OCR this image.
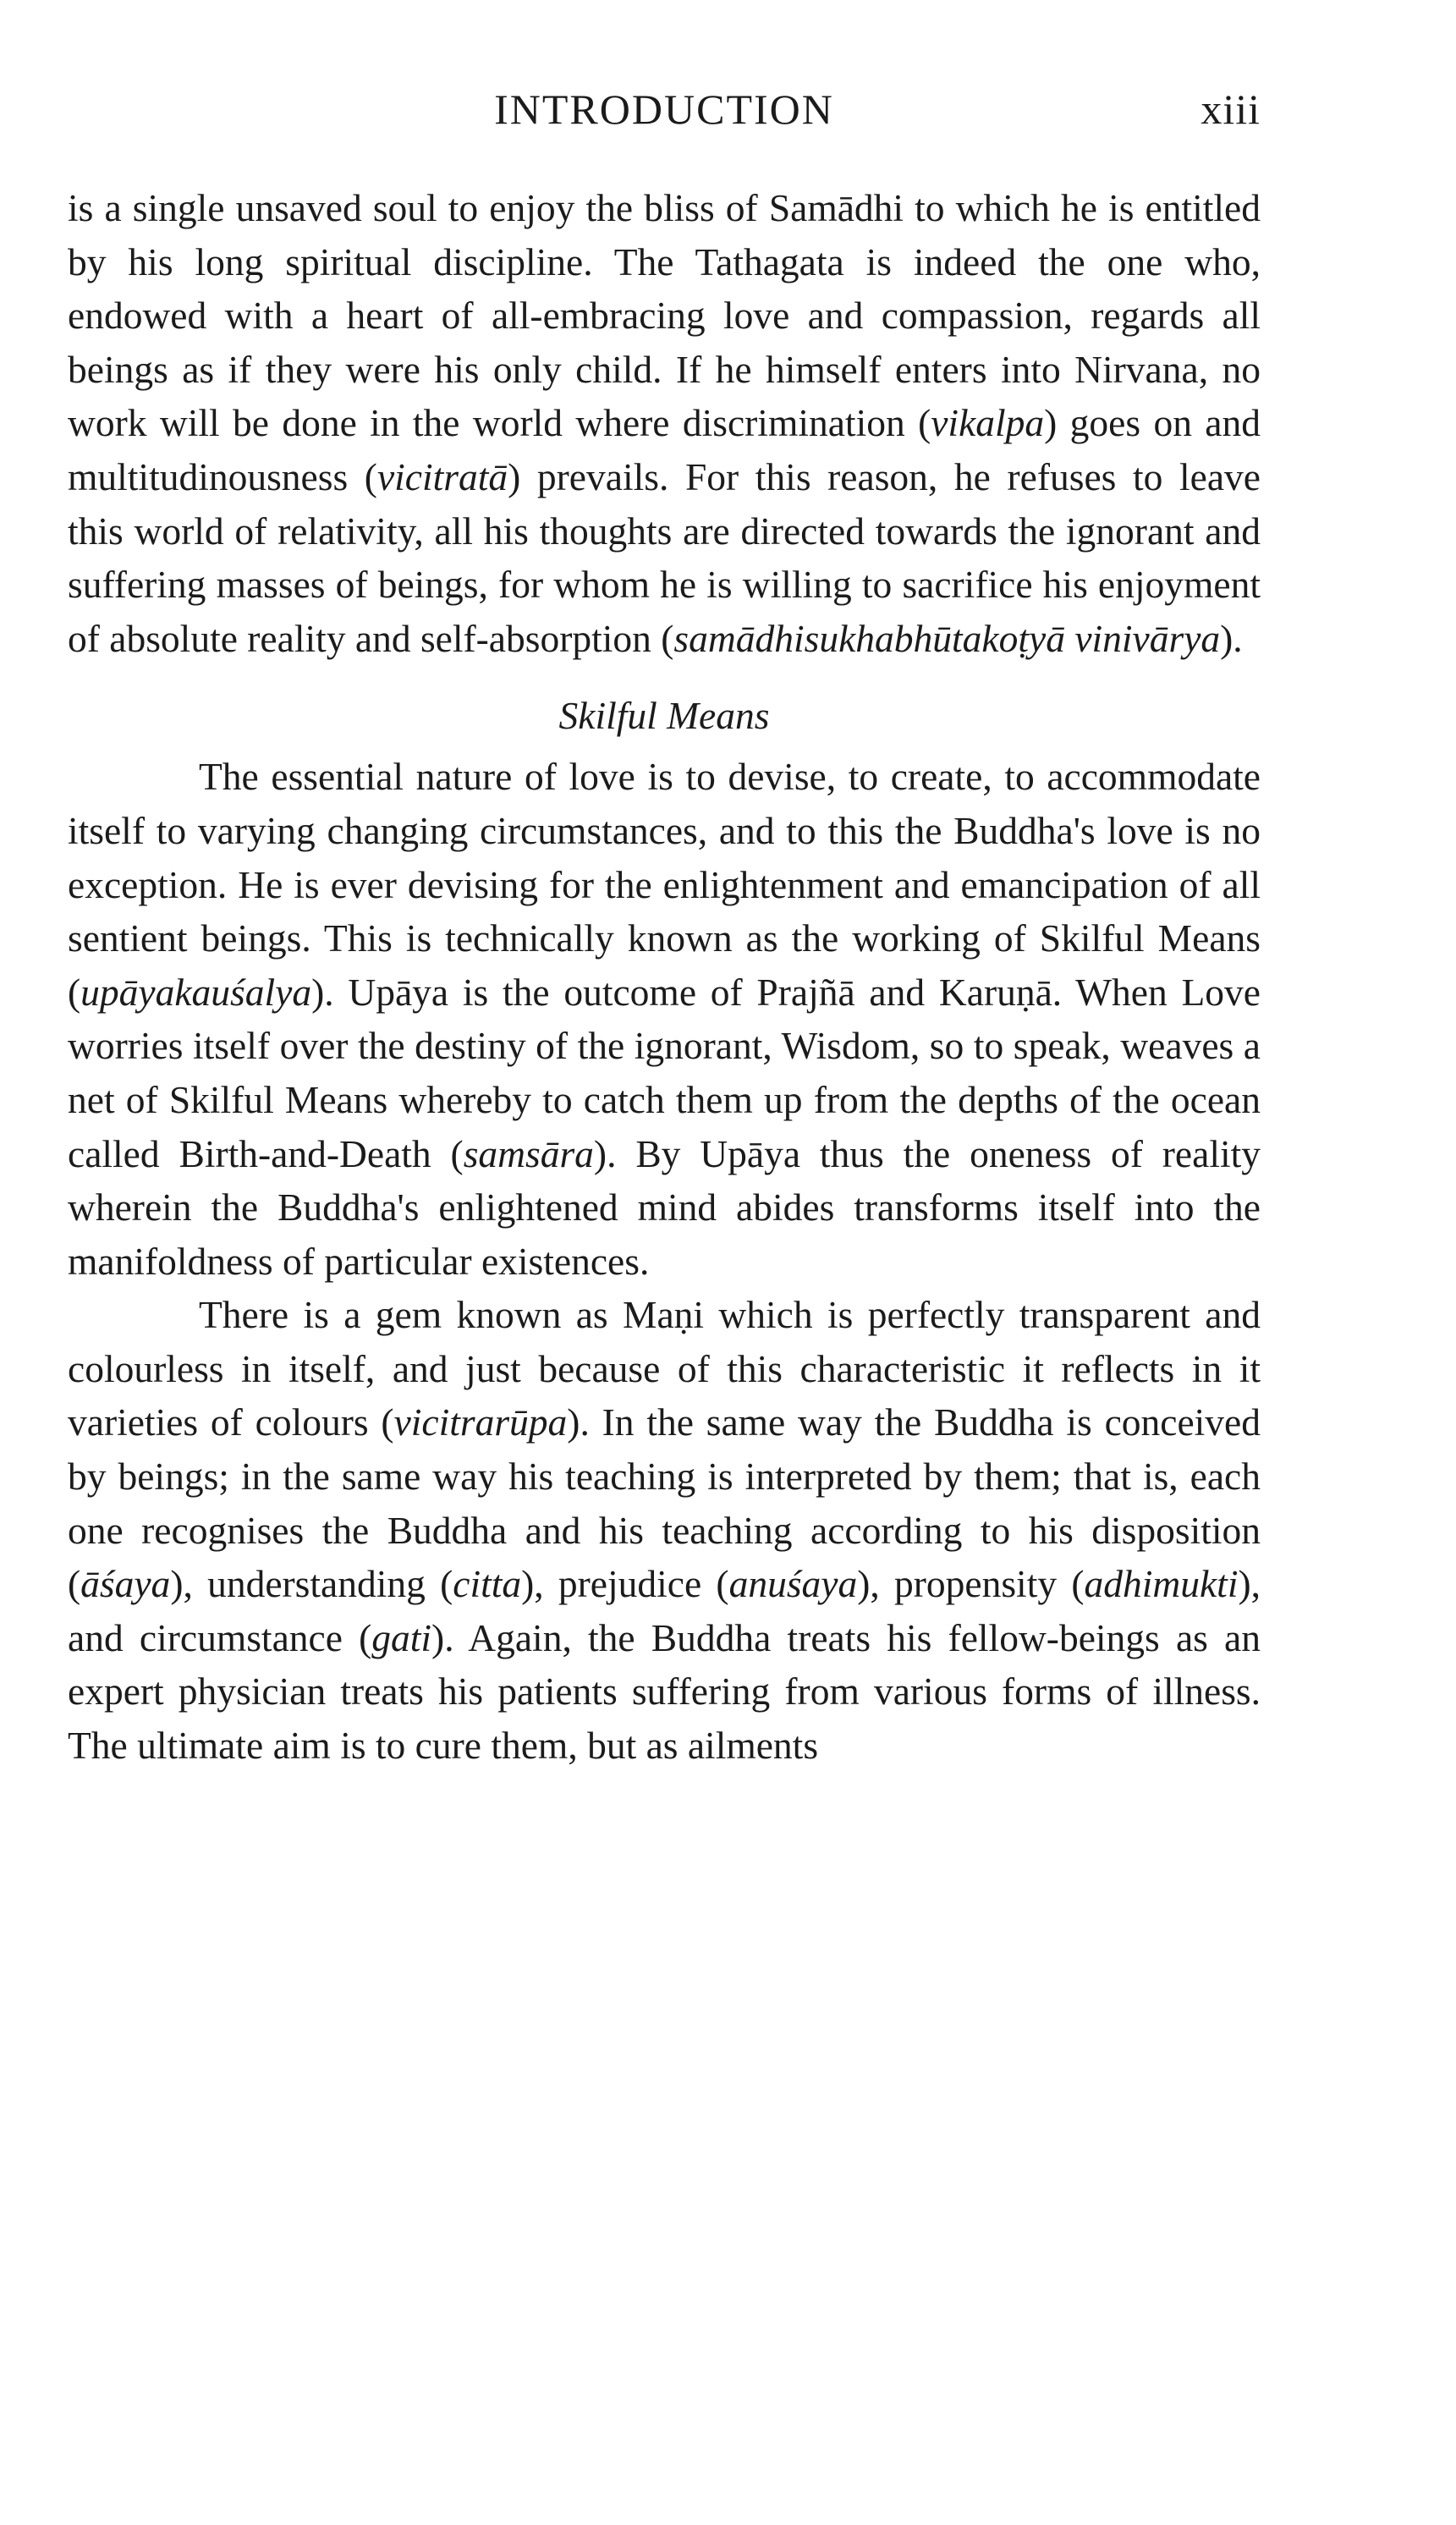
INTRODUCTION	xiii

is a single unsaved soul to enjoy the bliss of Samādhi to which he is entitled by his long spiritual discipline. The Tathagata is indeed the one who, endowed with a heart of all-embracing love and compassion, regards all beings as if they were his only child. If he himself enters into Nirvana, no work will be done in the world where discrimination (vikalpa) goes on and multitudinousness (vicitratā) prevails. For this reason, he refuses to leave this world of relativity, all his thoughts are directed towards the ignorant and suffering masses of beings, for whom he is willing to sacrifice his enjoyment of absolute reality and self-absorption (samādhisukhabhūtakoṭyā vinivārya).

Skilful Means

The essential nature of love is to devise, to create, to accommodate itself to varying changing circumstances, and to this the Buddha's love is no exception. He is ever devising for the enlightenment and emancipation of all sentient beings. This is technically known as the working of Skilful Means (upāyakauśalya). Upāya is the outcome of Prajñā and Karuṇā. When Love worries itself over the destiny of the ignorant, Wisdom, so to speak, weaves a net of Skilful Means whereby to catch them up from the depths of the ocean called Birth-and-Death (samsāra). By Upāya thus the oneness of reality wherein the Buddha's enlightened mind abides transforms itself into the manifoldness of particular existences.

There is a gem known as Maṇi which is perfectly transparent and colourless in itself, and just because of this characteristic it reflects in it varieties of colours (vicitrarūpa). In the same way the Buddha is conceived by beings; in the same way his teaching is interpreted by them; that is, each one recognises the Buddha and his teaching according to his disposition (āśaya), understanding (citta), prejudice (anuśaya), propensity (adhimukti), and circumstance (gati). Again, the Buddha treats his fellow-beings as an expert physician treats his patients suffering from various forms of illness. The ultimate aim is to cure them, but as ailments
